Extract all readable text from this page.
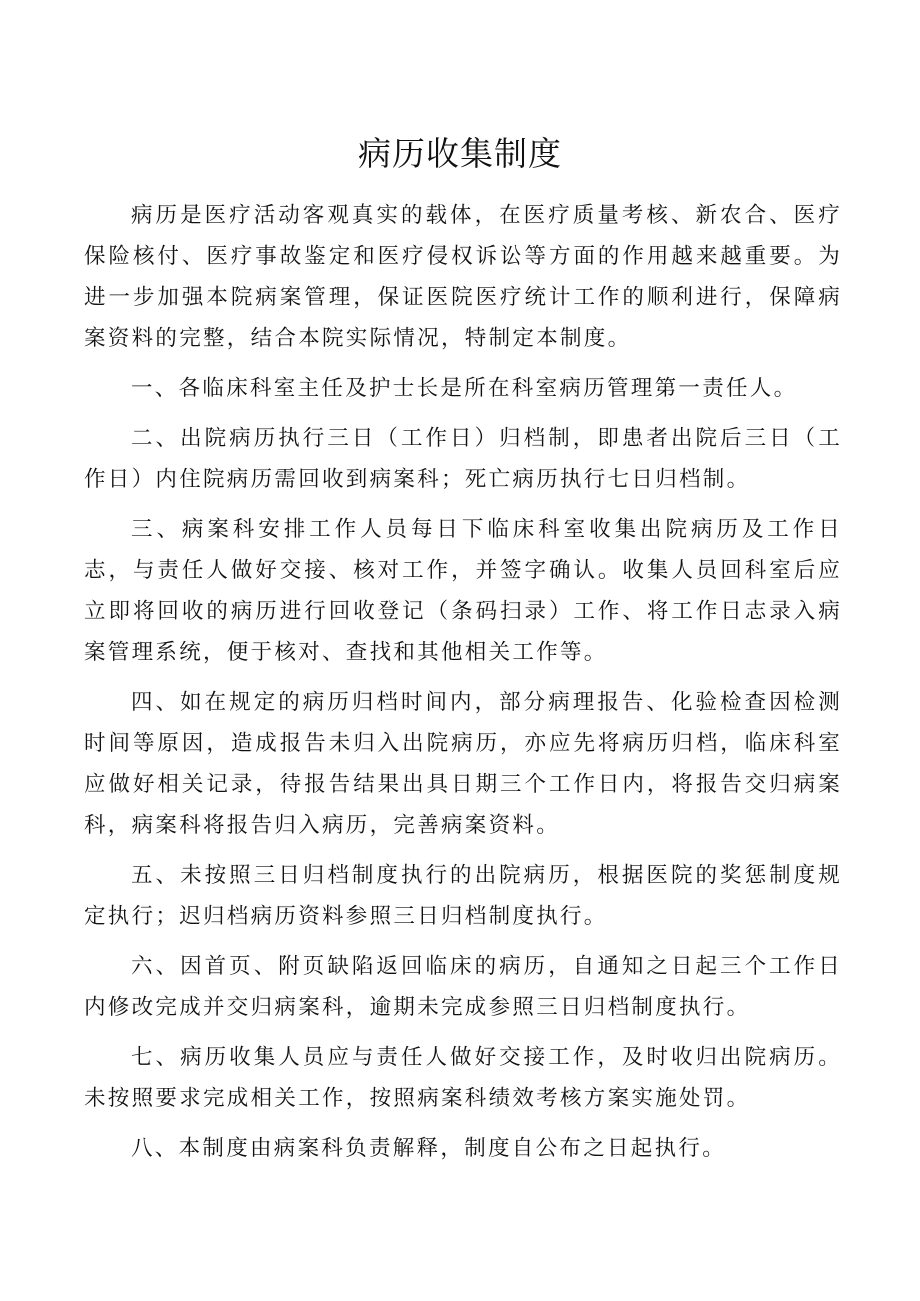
病历收集制度

病历是医疗活动客观真实的载体，在医疗质量考核、新农合、医疗保险核付、医疗事故鉴定和医疗侵权诉讼等方面的作用越来越重要。为进一步加强本院病案管理，保证医院医疗统计工作的顺利进行，保障病案资料的完整，结合本院实际情况，特制定本制度。

一、各临床科室主任及护士长是所在科室病历管理第一责任人。

二、出院病历执行三日（工作日）归档制，即患者出院后三日（工作日）内住院病历需回收到病案科；死亡病历执行七日归档制。

三、病案科安排工作人员每日下临床科室收集出院病历及工作日志，与责任人做好交接、核对工作，并签字确认。收集人员回科室后应立即将回收的病历进行回收登记（条码扫录）工作、将工作日志录入病案管理系统，便于核对、查找和其他相关工作等。

四、如在规定的病历归档时间内，部分病理报告、化验检查因检测时间等原因，造成报告未归入出院病历，亦应先将病历归档，临床科室应做好相关记录，待报告结果出具日期三个工作日内，将报告交归病案科，病案科将报告归入病历，完善病案资料。

五、未按照三日归档制度执行的出院病历，根据医院的奖惩制度规定执行；迟归档病历资料参照三日归档制度执行。

六、因首页、附页缺陷返回临床的病历，自通知之日起三个工作日内修改完成并交归病案科，逾期未完成参照三日归档制度执行。

七、病历收集人员应与责任人做好交接工作，及时收归出院病历。未按照要求完成相关工作，按照病案科绩效考核方案实施处罚。

八、本制度由病案科负责解释，制度自公布之日起执行。
